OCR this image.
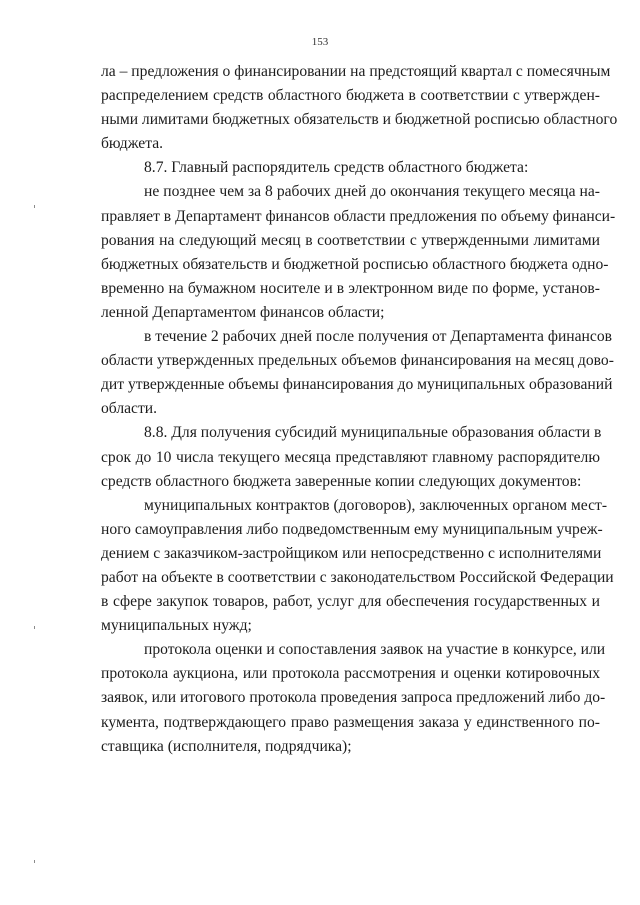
153
ла – предложения о финансировании на предстоящий квартал с помесячным
распределением средств областного бюджета в соответствии с утвержден-
ными лимитами бюджетных обязательств и бюджетной росписью областного
бюджета.
8.7. Главный распорядитель средств областного бюджета:
не позднее чем за 8 рабочих дней до окончания текущего месяца на-
правляет в Департамент финансов области предложения по объему финанси-
рования на следующий месяц в соответствии с утвержденными лимитами
бюджетных обязательств и бюджетной росписью областного бюджета одно-
временно на бумажном носителе и в электронном виде по форме, установ-
ленной Департаментом финансов области;
в течение 2 рабочих дней после получения от Департамента финансов
области утвержденных предельных объемов финансирования на месяц дово-
дит утвержденные объемы финансирования до муниципальных образований
области.
8.8. Для получения субсидий муниципальные образования области в
срок до 10 числа текущего месяца представляют главному распорядителю
средств областного бюджета заверенные копии следующих документов:
муниципальных контрактов (договоров), заключенных органом мест-
ного самоуправления либо подведомственным ему муниципальным учреж-
дением с заказчиком-застройщиком или непосредственно с исполнителями
работ на объекте в соответствии с законодательством Российской Федерации
в сфере закупок товаров, работ, услуг для обеспечения государственных и
муниципальных нужд;
протокола оценки и сопоставления заявок на участие в конкурсе, или
протокола аукциона, или протокола рассмотрения и оценки котировочных
заявок, или итогового протокола проведения запроса предложений либо до-
кумента, подтверждающего право размещения заказа у единственного по-
ставщика (исполнителя, подрядчика);
